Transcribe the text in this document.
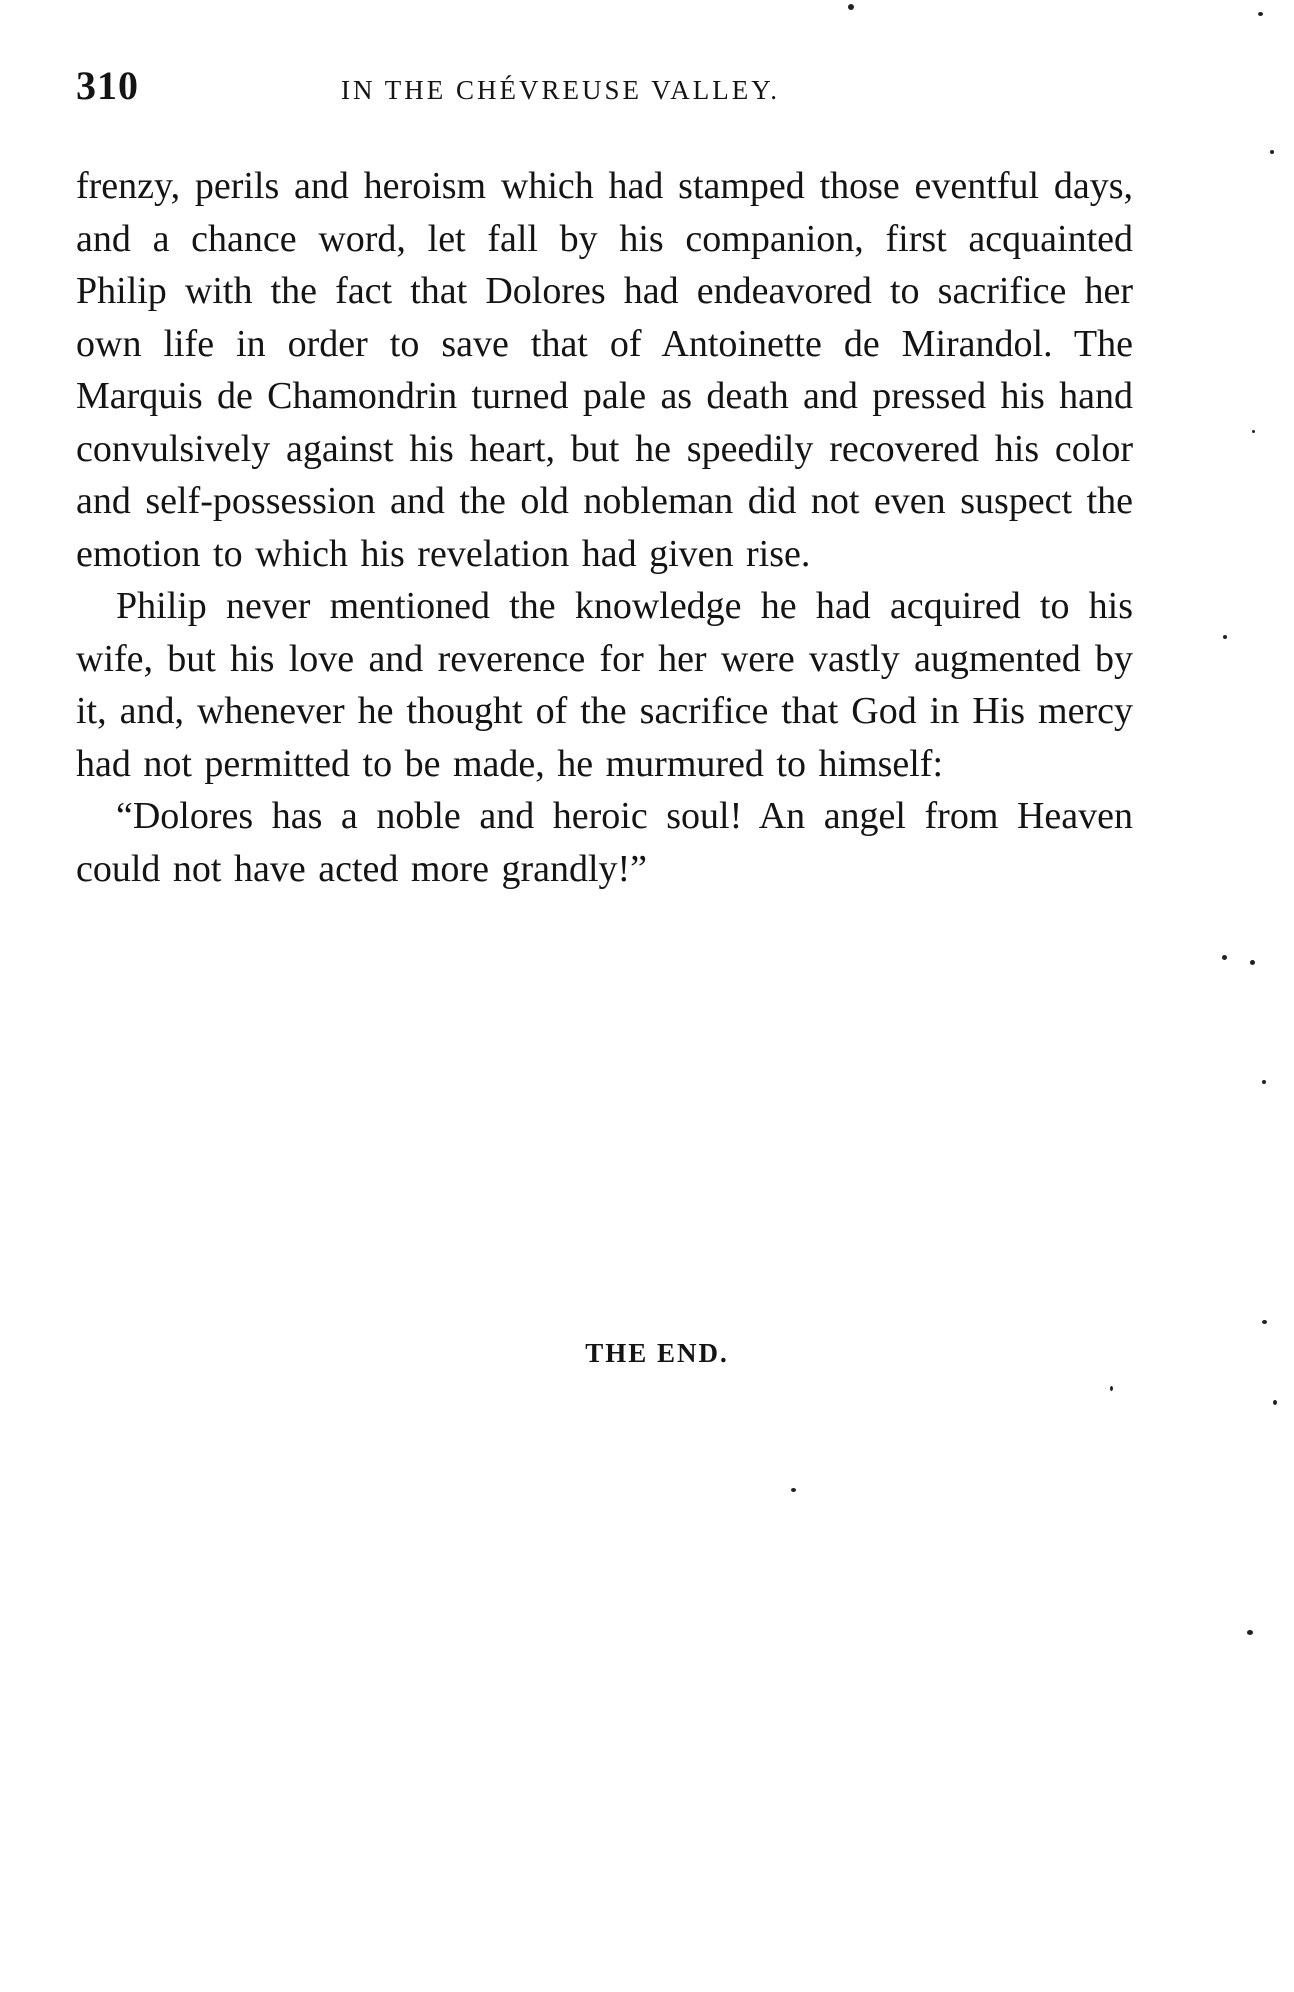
310	IN THE CHÉVREUSE VALLEY.

frenzy, perils and heroism which had stamped those eventful days, and a chance word, let fall by his companion, first acquainted Philip with the fact that Dolores had endeavored to sacrifice her own life in order to save that of Antoinette de Mirandol. The Marquis de Chamondrin turned pale as death and pressed his hand convulsively against his heart, but he speedily recovered his color and self-possession and the old nobleman did not even suspect the emotion to which his revelation had given rise.

Philip never mentioned the knowledge he had acquired to his wife, but his love and reverence for her were vastly augmented by it, and, whenever he thought of the sacrifice that God in His mercy had not permitted to be made, he murmured to himself:

“Dolores has a noble and heroic soul! An angel from Heaven could not have acted more grandly!”

THE END.
